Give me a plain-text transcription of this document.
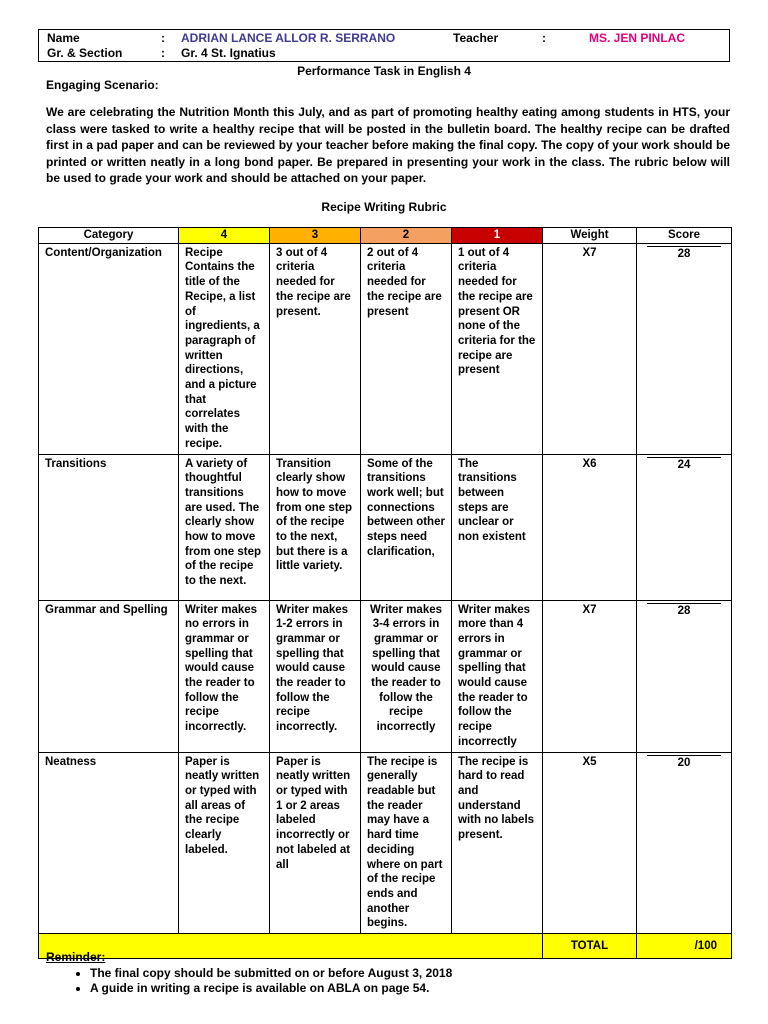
Name	: ADRIAN LANCE ALLOR R. SERRANO	Teacher	:	MS. JEN PINLAC
Gr. & Section	: Gr. 4 St. Ignatius
Performance Task in English 4
Engaging Scenario:

We are celebrating the Nutrition Month this July, and as part of promoting healthy eating among students in HTS, your class were tasked to write a healthy recipe that will be posted in the bulletin board. The healthy recipe can be drafted first in a pad paper and can be reviewed by your teacher before making the final copy. The copy of your work should be printed or written neatly in a long bond paper. Be prepared in presenting your work in the class. The rubric below will be used to grade your work and should be attached on your paper.

Recipe Writing Rubric
Category	4	3	2	1	Weight	Score
Content/Organization	Recipe Contains the title of the Recipe, a list of ingredients, a paragraph of written directions, and a picture that correlates with the recipe.	3 out of 4 criteria needed for the recipe are present.	2 out of 4 criteria needed for the recipe are present	1 out of 4 criteria needed for the recipe are present OR none of the criteria for the recipe are present	X7	28
Transitions	A variety of thoughtful transitions are used. The clearly show how to move from one step of the recipe to the next.	Transition clearly show how to move from one step of the recipe to the next, but there is a little variety.	Some of the transitions work well; but connections between other steps need clarification,	The transitions between steps are unclear or non existent	X6	24
Grammar and Spelling	Writer makes no errors in grammar or spelling that would cause the reader to follow the recipe incorrectly.	Writer makes 1-2 errors in grammar or spelling that would cause the reader to follow the recipe incorrectly.	Writer makes 3-4 errors in grammar or spelling that would cause the reader to follow the recipe incorrectly	Writer makes more than 4 errors in grammar or spelling that would cause the reader to follow the recipe incorrectly	X7	28
Neatness	Paper is neatly written or typed with all areas of the recipe clearly labeled.	Paper is neatly written or typed with 1 or 2 areas labeled incorrectly or not labeled at all	The recipe is generally readable but the reader may have a hard time deciding where on part of the recipe ends and another begins.	The recipe is hard to read and understand with no labels present.	X5	20
					TOTAL	/100
Reminder:
• The final copy should be submitted on or before August 3, 2018
• A guide in writing a recipe is available on ABLA on page 54.
